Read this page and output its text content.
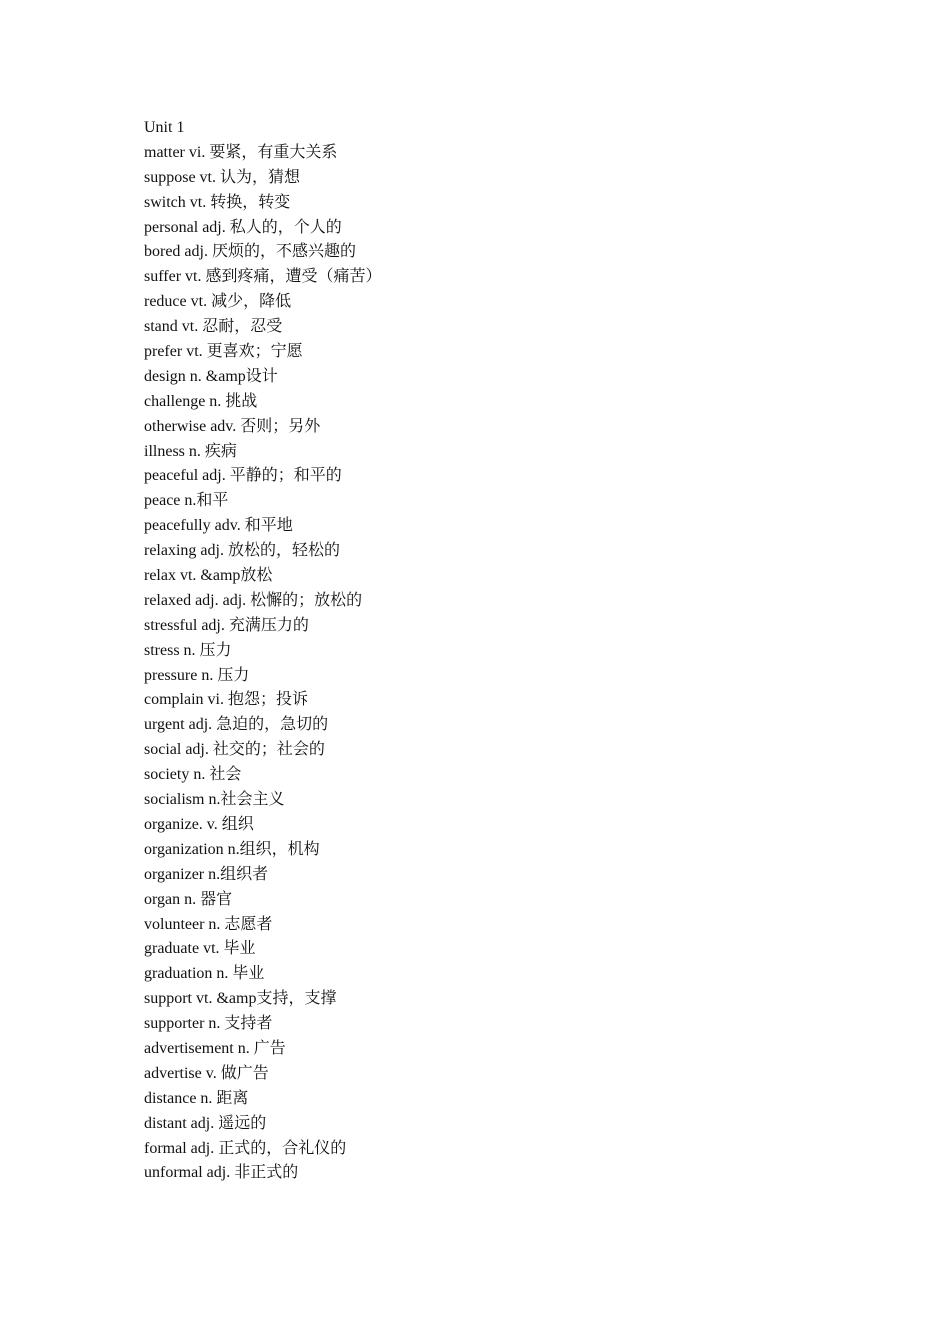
Unit 1
matter vi. 要紧，有重大关系
suppose vt. 认为，猜想
switch vt. 转换，转变
personal adj. 私人的，个人的
bored adj. 厌烦的，不感兴趣的
suffer vt. 感到疼痛，遭受（痛苦）
reduce vt. 减少，降低
stand vt. 忍耐，忍受
prefer vt. 更喜欢；宁愿
design n. &amp设计
challenge n. 挑战
otherwise adv. 否则；另外
illness n. 疾病
peaceful adj. 平静的；和平的
peace n.和平
peacefully adv. 和平地
relaxing adj. 放松的，轻松的
relax vt. &amp放松
relaxed adj. adj. 松懈的；放松的
stressful adj. 充满压力的
stress n. 压力
pressure n. 压力
complain vi. 抱怨；投诉
urgent adj. 急迫的，急切的
social adj. 社交的；社会的
society n. 社会
socialism n.社会主义
organize. v. 组织
organization n.组织，机构
organizer n.组织者
organ n. 器官
volunteer n. 志愿者
graduate vt. 毕业
graduation n. 毕业
support vt. &amp支持，支撑
supporter n. 支持者
advertisement n. 广告
advertise v. 做广告
distance n. 距离
distant adj. 遥远的
formal adj. 正式的，合礼仪的
unformal adj. 非正式的
